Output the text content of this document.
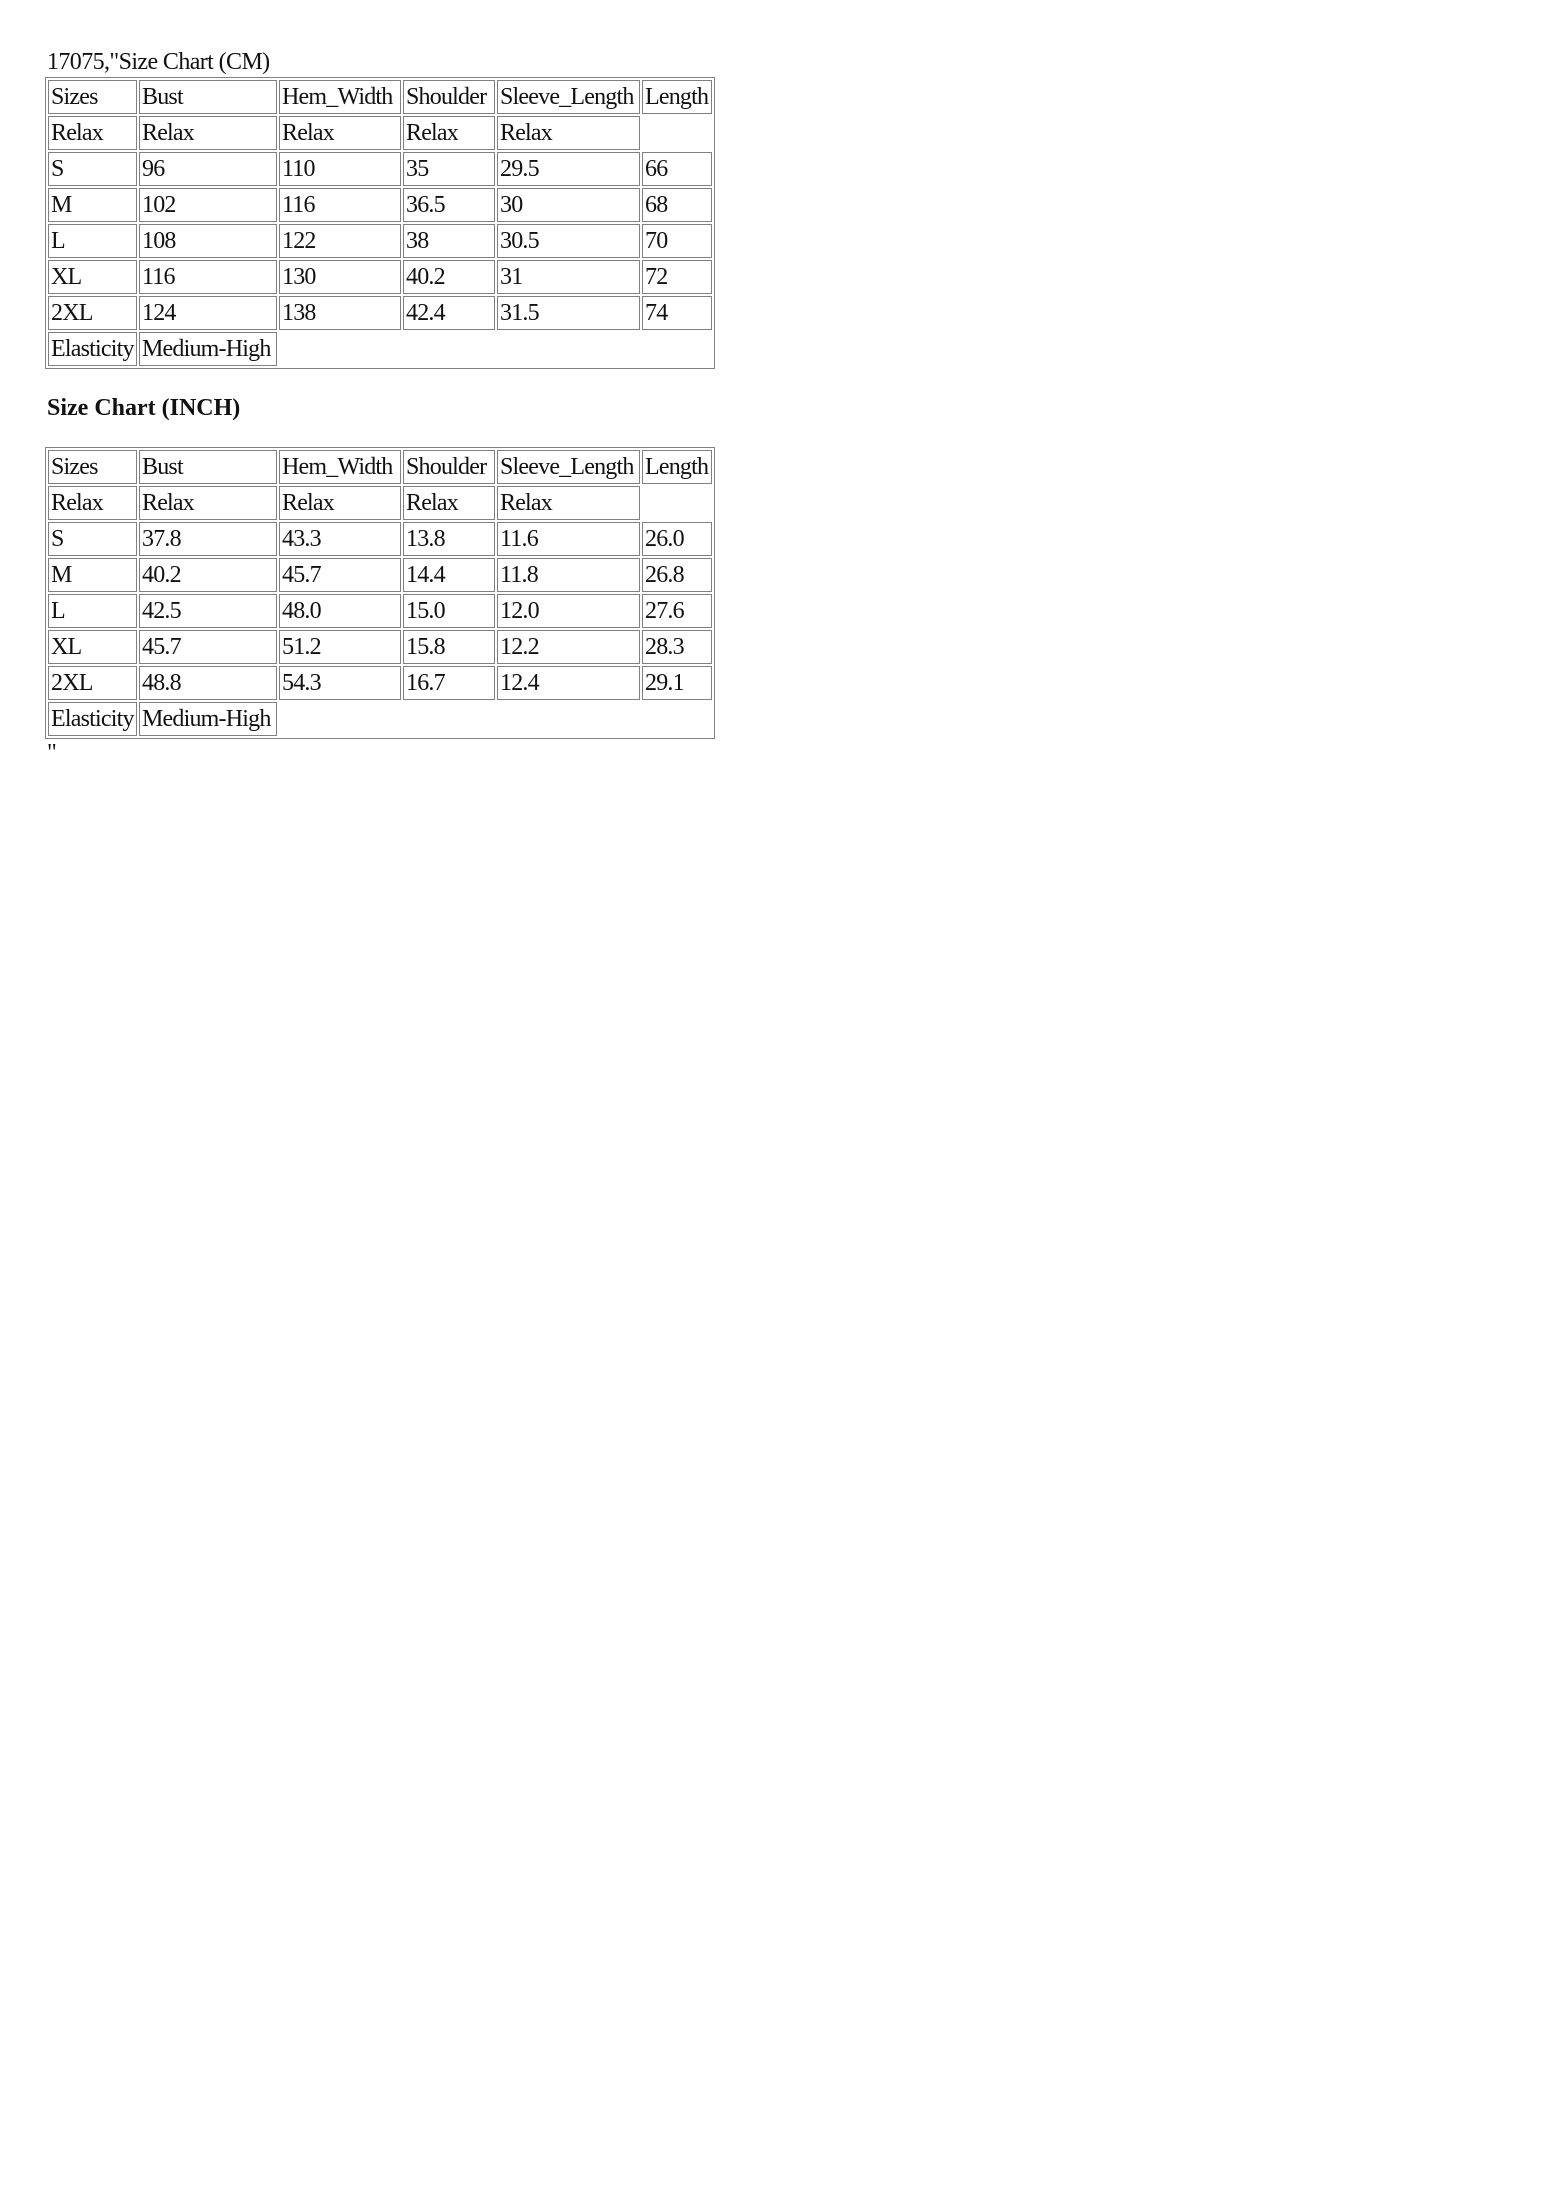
17075,"Size Chart (CM)
Sizes	Bust	Hem_Width	Shoulder	Sleeve_Length	Length
Relax	Relax	Relax	Relax	Relax	
S	96	110	35	29.5	66
M	102	116	36.5	30	68
L	108	122	38	30.5	70
XL	116	130	40.2	31	72
2XL	124	138	42.4	31.5	74
Elasticity	Medium-High				
Size Chart (INCH)
Sizes	Bust	Hem_Width	Shoulder	Sleeve_Length	Length
Relax	Relax	Relax	Relax	Relax	
S	37.8	43.3	13.8	11.6	26.0
M	40.2	45.7	14.4	11.8	26.8
L	42.5	48.0	15.0	12.0	27.6
XL	45.7	51.2	15.8	12.2	28.3
2XL	48.8	54.3	16.7	12.4	29.1
Elasticity	Medium-High				
"
